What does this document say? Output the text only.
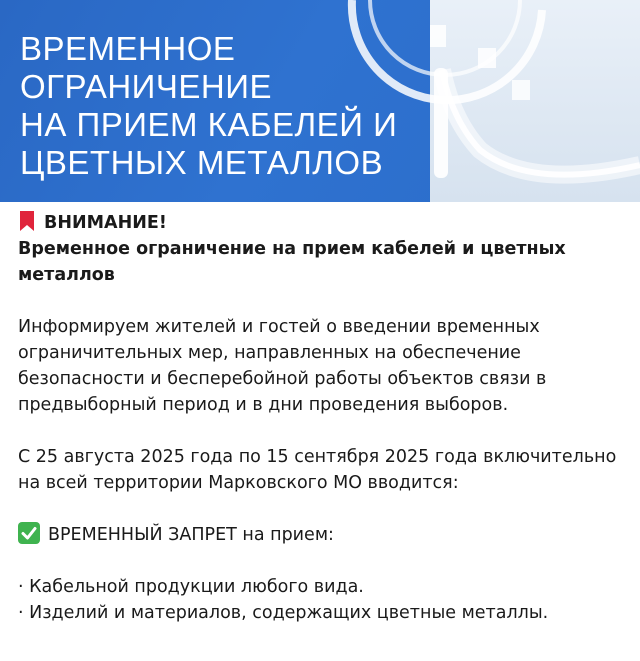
ВРЕМЕННОЕ
ОГРАНИЧЕНИЕ
НА ПРИЕМ КАБЕЛЕЙ И
ЦВЕТНЫХ МЕТАЛЛОВ

ВНИМАНИЕ!

Временное ограничение на прием кабелей и цветных

металлов

Информируем жителей и гостей о введении временных

ограничительных мер, направленных на обеспечение

безопасности и бесперебойной работы объектов связи в

предвыборный период и в дни проведения выборов.

С 25 августа 2025 года по 15 сентября 2025 года включительно

на всей территории Марковского МО вводится:

ВРЕМЕННЫЙ ЗАПРЕТ на прием:

· Кабельной продукции любого вида.

· Изделий и материалов, содержащих цветные металлы.
